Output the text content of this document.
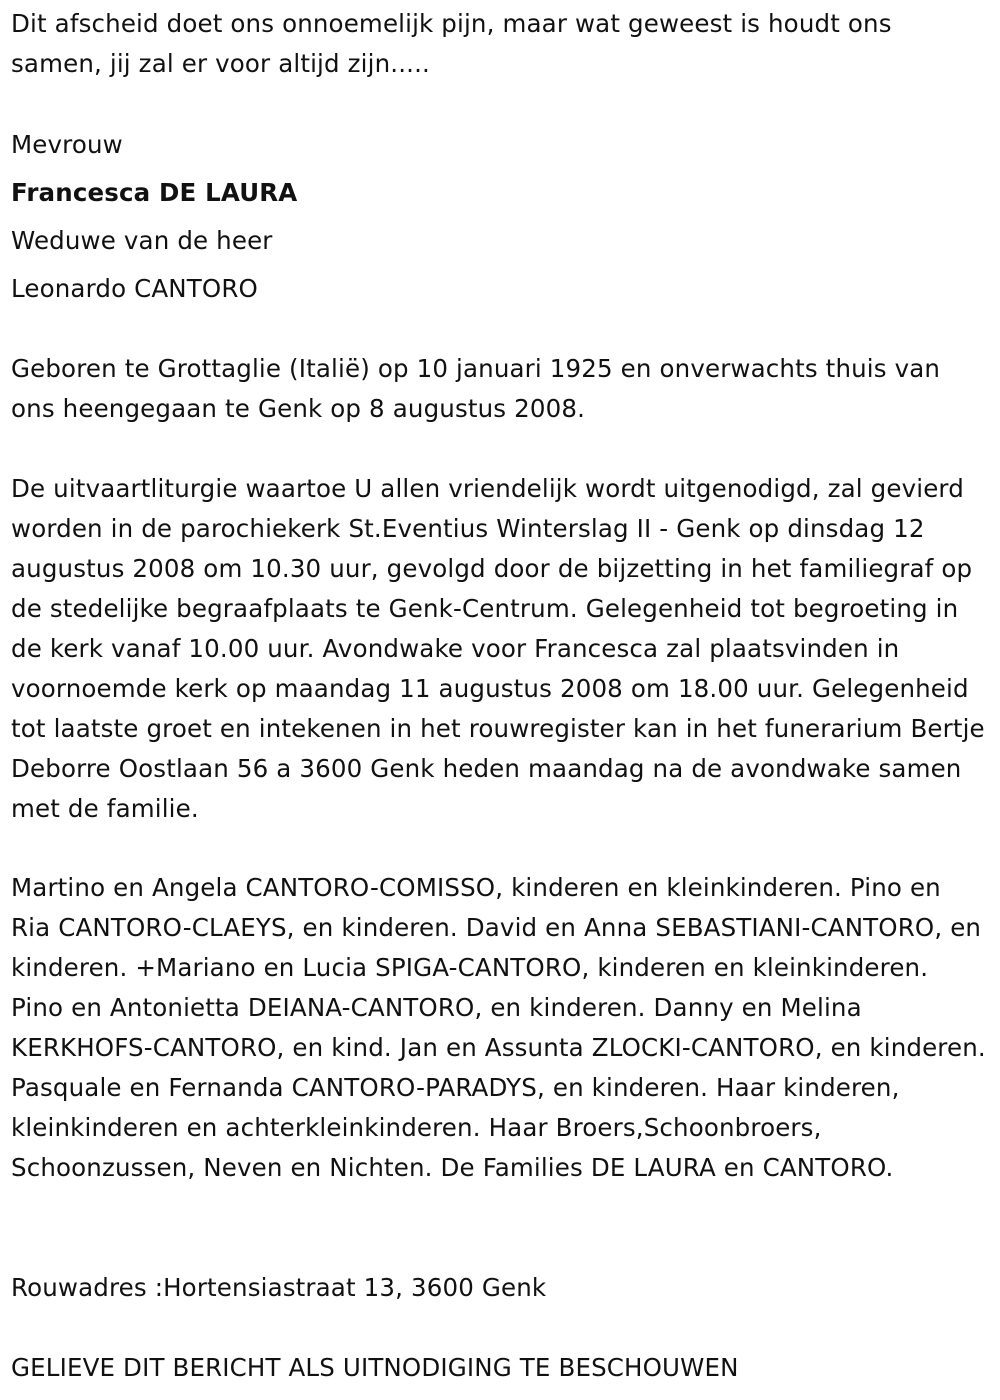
Dit afscheid doet ons onnoemelijk pijn, maar wat geweest is houdt ons samen, jij zal er voor altijd zijn.....
Mevrouw
Francesca DE LAURA
Weduwe van de heer
Leonardo CANTORO
Geboren te Grottaglie (Italië) op 10 januari 1925 en onverwachts thuis van ons heengegaan te Genk op 8 augustus 2008.
De uitvaartliturgie waartoe U allen vriendelijk wordt uitgenodigd, zal gevierd worden in de parochiekerk St.Eventius Winterslag II - Genk op dinsdag 12 augustus 2008 om 10.30 uur, gevolgd door de bijzetting in het familiegraf op de stedelijke begraafplaats te Genk-Centrum. Gelegenheid tot begroeting in de kerk vanaf 10.00 uur. Avondwake voor Francesca zal plaatsvinden in voornoemde kerk op maandag 11 augustus 2008 om 18.00 uur. Gelegenheid tot laatste groet en intekenen in het rouwregister kan in het funerarium Bertje Deborre Oostlaan 56 a 3600 Genk heden maandag na de avondwake samen met de familie.
Martino en Angela CANTORO-COMISSO, kinderen en kleinkinderen. Pino en Ria CANTORO-CLAEYS, en kinderen. David en Anna SEBASTIANI-CANTORO, en kinderen. +Mariano en Lucia SPIGA-CANTORO, kinderen en kleinkinderen. Pino en Antonietta DEIANA-CANTORO, en kinderen. Danny en Melina KERKHOFS-CANTORO, en kind. Jan en Assunta ZLOCKI-CANTORO, en kinderen. Pasquale en Fernanda CANTORO-PARADYS, en kinderen. Haar kinderen, kleinkinderen en achterkleinkinderen. Haar Broers,Schoonbroers, Schoonzussen, Neven en Nichten. De Families DE LAURA en CANTORO.
Rouwadres :Hortensiastraat 13, 3600 Genk
GELIEVE DIT BERICHT ALS UITNODIGING TE BESCHOUWEN
